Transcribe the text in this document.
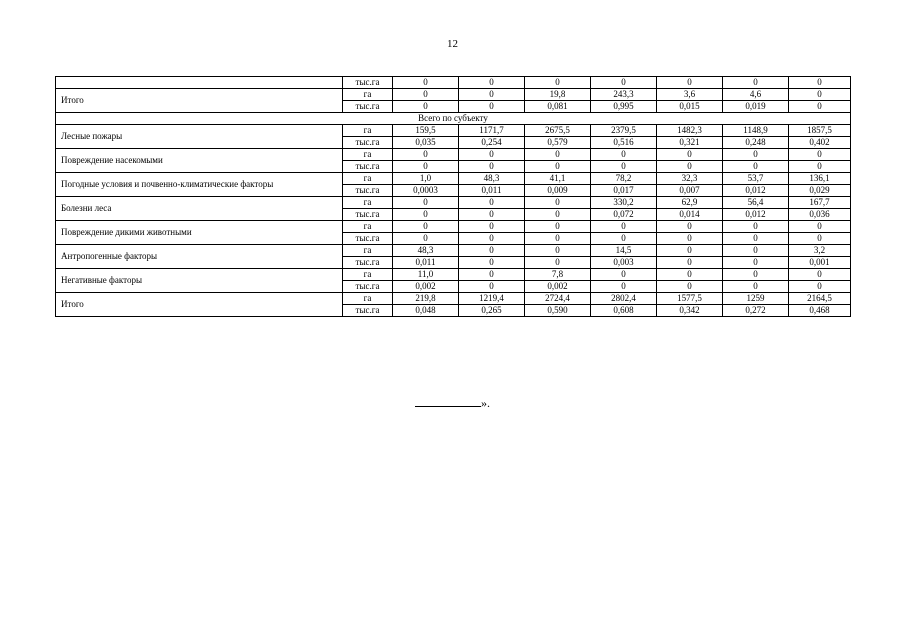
12
	тыс.га	0	0	0	0	0	0	0
Итого	га	0	0	19,8	243,3	3,6	4,6	0
	тыс.га	0	0	0,081	0,995	0,015	0,019	0
Всего по субъекту								
Лесные пожары	га	159,5	1171,7	2675,5	2379,5	1482,3	1148,9	1857,5
	тыс.га	0,035	0,254	0,579	0,516	0,321	0,248	0,402
Повреждение насекомыми	га	0	0	0	0	0	0	0
	тыс.га	0	0	0	0	0	0	0
Погодные условия и почвенно-климатические факторы	га	1,0	48,3	41,1	78,2	32,3	53,7	136,1
	тыс.га	0,0003	0,011	0,009	0,017	0,007	0,012	0,029
Болезни леса	га	0	0	0	330,2	62,9	56,4	167,7
	тыс.га	0	0	0	0,072	0,014	0,012	0,036
Повреждение дикими животными	га	0	0	0	0	0	0	0
	тыс.га	0	0	0	0	0	0	0
Антропогенные факторы	га	48,3	0	0	14,5	0	0	3,2
	тыс.га	0,011	0	0	0,003	0	0	0,001
Негативные факторы	га	11,0	0	7,8	0	0	0	0
	тыс.га	0,002	0	0,002	0	0	0	0
Итого	га	219,8	1219,4	2724,4	2802,4	1577,5	1259	2164,5
	тыс.га	0,048	0,265	0,590	0,608	0,342	0,272	0,468
».
